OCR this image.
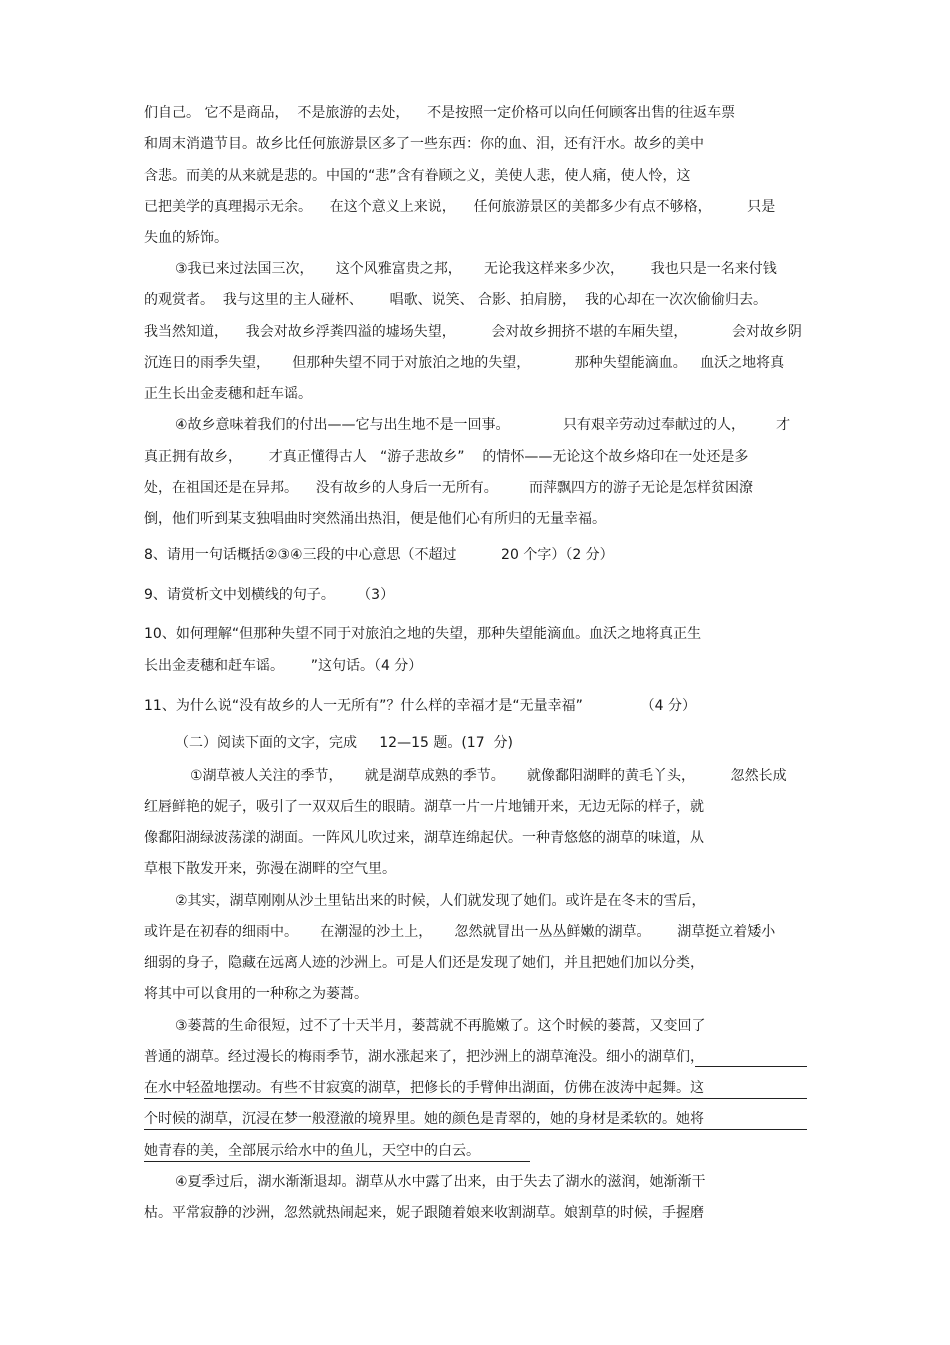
们自己。 它不是商品，  不是旅游的去处，    不是按照一定价格可以向任何顾客出售的往返车票
和周末消遣节目。故乡比任何旅游景区多了一些东西：你的血、泪，还有汗水。故乡的美中
含悲。而美的从来就是悲的。中国的“悲”含有眷顾之义，美使人悲，使人痛，使人怜，这
已把美学的真理揭示无余。    在这个意义上来说，    任何旅游景区的美都多少有点不够格，        只是
失血的矫饰。
③我已来过法国三次，     这个风雅富贵之邦，     无论我这样来多少次，      我也只是一名来付钱
的观赏者。  我与这里的主人碰杯、      唱歌、说笑、 合影、拍肩膀，  我的心却在一次次偷偷归去。
我当然知道，    我会对故乡浮粪四溢的墟场失望，        会对故乡拥挤不堪的车厢失望，          会对故乡阴
沉连日的雨季失望，     但那种失望不同于对旅泊之地的失望，          那种失望能滴血。   血沃之地将真
正生长出金麦穗和赶车谣。
④故乡意味着我们的付出——它与出生地不是一回事。            只有艰辛劳动过奉献过的人，       才
真正拥有故乡，      才真正懂得古人   “游子悲故乡”    的情怀——无论这个故乡烙印在一处还是多
处，在祖国还是在异邦。    没有故乡的人身后一无所有。       而萍飘四方的游子无论是怎样贫困潦
倒，他们听到某支独唱曲时突然涌出热泪，便是他们心有所归的无量幸福。
8、请用一句话概括②③④三段的中心意思（不超过          20 个字）（2 分）
9、请赏析文中划横线的句子。     （3）
10、如何理解“但那种失望不同于对旅泊之地的失望，那种失望能滴血。血沃之地将真正生
长出金麦穗和赶车谣。      ”这句话。（4 分）
11、为什么说“没有故乡的人一无所有”？什么样的幸福才是“无量幸福”             （4 分）
（二）阅读下面的文字，完成     12—15 题。(17  分)
①湖草被人关注的季节，     就是湖草成熟的季节。     就像鄱阳湖畔的黄毛丫头，        忽然长成
红唇鲜艳的妮子，吸引了一双双后生的眼睛。湖草一片一片地铺开来，无边无际的样子，就
像鄱阳湖绿波荡漾的湖面。一阵风儿吹过来，湖草连绵起伏。一种青悠悠的湖草的味道，从
草根下散发开来，弥漫在湖畔的空气里。
②其实，湖草刚刚从沙土里钻出来的时候，人们就发现了她们。或许是在冬末的雪后，
或许是在初春的细雨中。     在潮湿的沙土上，     忽然就冒出一丛丛鲜嫩的湖草。      湖草挺立着矮小
细弱的身子，隐藏在远离人迹的沙洲上。可是人们还是发现了她们，并且把她们加以分类，
将其中可以食用的一种称之为蒌蒿。
③蒌蒿的生命很短，过不了十天半月，蒌蒿就不再脆嫩了。这个时候的蒌蒿，又变回了
普通的湖草。经过漫长的梅雨季节，湖水涨起来了，把沙洲上的湖草淹没。细小的湖草们，
在水中轻盈地摆动。有些不甘寂寞的湖草，把修长的手臂伸出湖面，仿佛在波涛中起舞。这
个时候的湖草，沉浸在梦一般澄澈的境界里。她的颜色是青翠的，她的身材是柔软的。她将
她青春的美，全部展示给水中的鱼儿，天空中的白云。
④夏季过后，湖水渐渐退却。湖草从水中露了出来，由于失去了湖水的滋润，她渐渐干
枯。平常寂静的沙洲，忽然就热闹起来，妮子跟随着娘来收割湖草。娘割草的时候，手握磨
